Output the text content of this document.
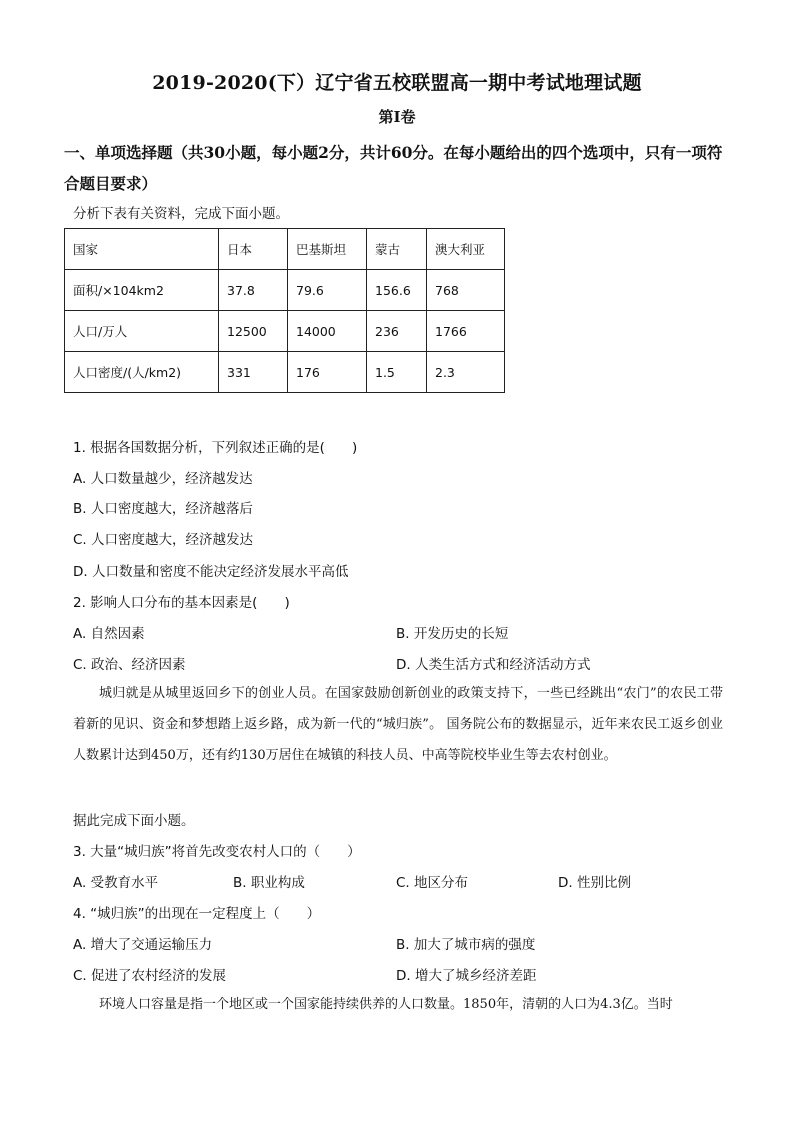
2019-2020(下）辽宁省五校联盟高一期中考试地理试题
第Ⅰ卷
一、单项选择题（共30小题，每小题2分，共计60分。在每小题给出的四个选项中，只有一项符合题目要求）
分析下表有关资料，完成下面小题。
国家	日本	巴基斯坦	蒙古	澳大利亚
面积/×104km2	37.8	79.6	156.6	768
人口/万人	12500	14000	236	1766
人口密度/(人/km2)	331	176	1.5	2.3
1. 根据各国数据分析，下列叙述正确的是(　　)
A. 人口数量越少，经济越发达
B. 人口密度越大，经济越落后
C. 人口密度越大，经济越发达
D. 人口数量和密度不能决定经济发展水平高低
2. 影响人口分布的基本因素是(　　)
A. 自然因素	B. 开发历史的长短
C. 政治、经济因素	D. 人类生活方式和经济活动方式
城归就是从城里返回乡下的创业人员。在国家鼓励创新创业的政策支持下，一些已经跳出“农门”的农民工带着新的见识、资金和梦想踏上返乡路，成为新一代的“城归族”。 国务院公布的数据显示，近年来农民工返乡创业人数累计达到450万，还有约130万居住在城镇的科技人员、中高等院校毕业生等去农村创业。
据此完成下面小题。
3. 大量“城归族”将首先改变农村人口的（　　）
A. 受教育水平	B. 职业构成	C. 地区分布	D. 性别比例
4. “城归族”的出现在一定程度上（　　）
A. 增大了交通运输压力	B. 加大了城市病的强度
C. 促进了农村经济的发展	D. 增大了城乡经济差距
环境人口容量是指一个地区或一个国家能持续供养的人口数量。1850年，清朝的人口为4.3亿。当时
